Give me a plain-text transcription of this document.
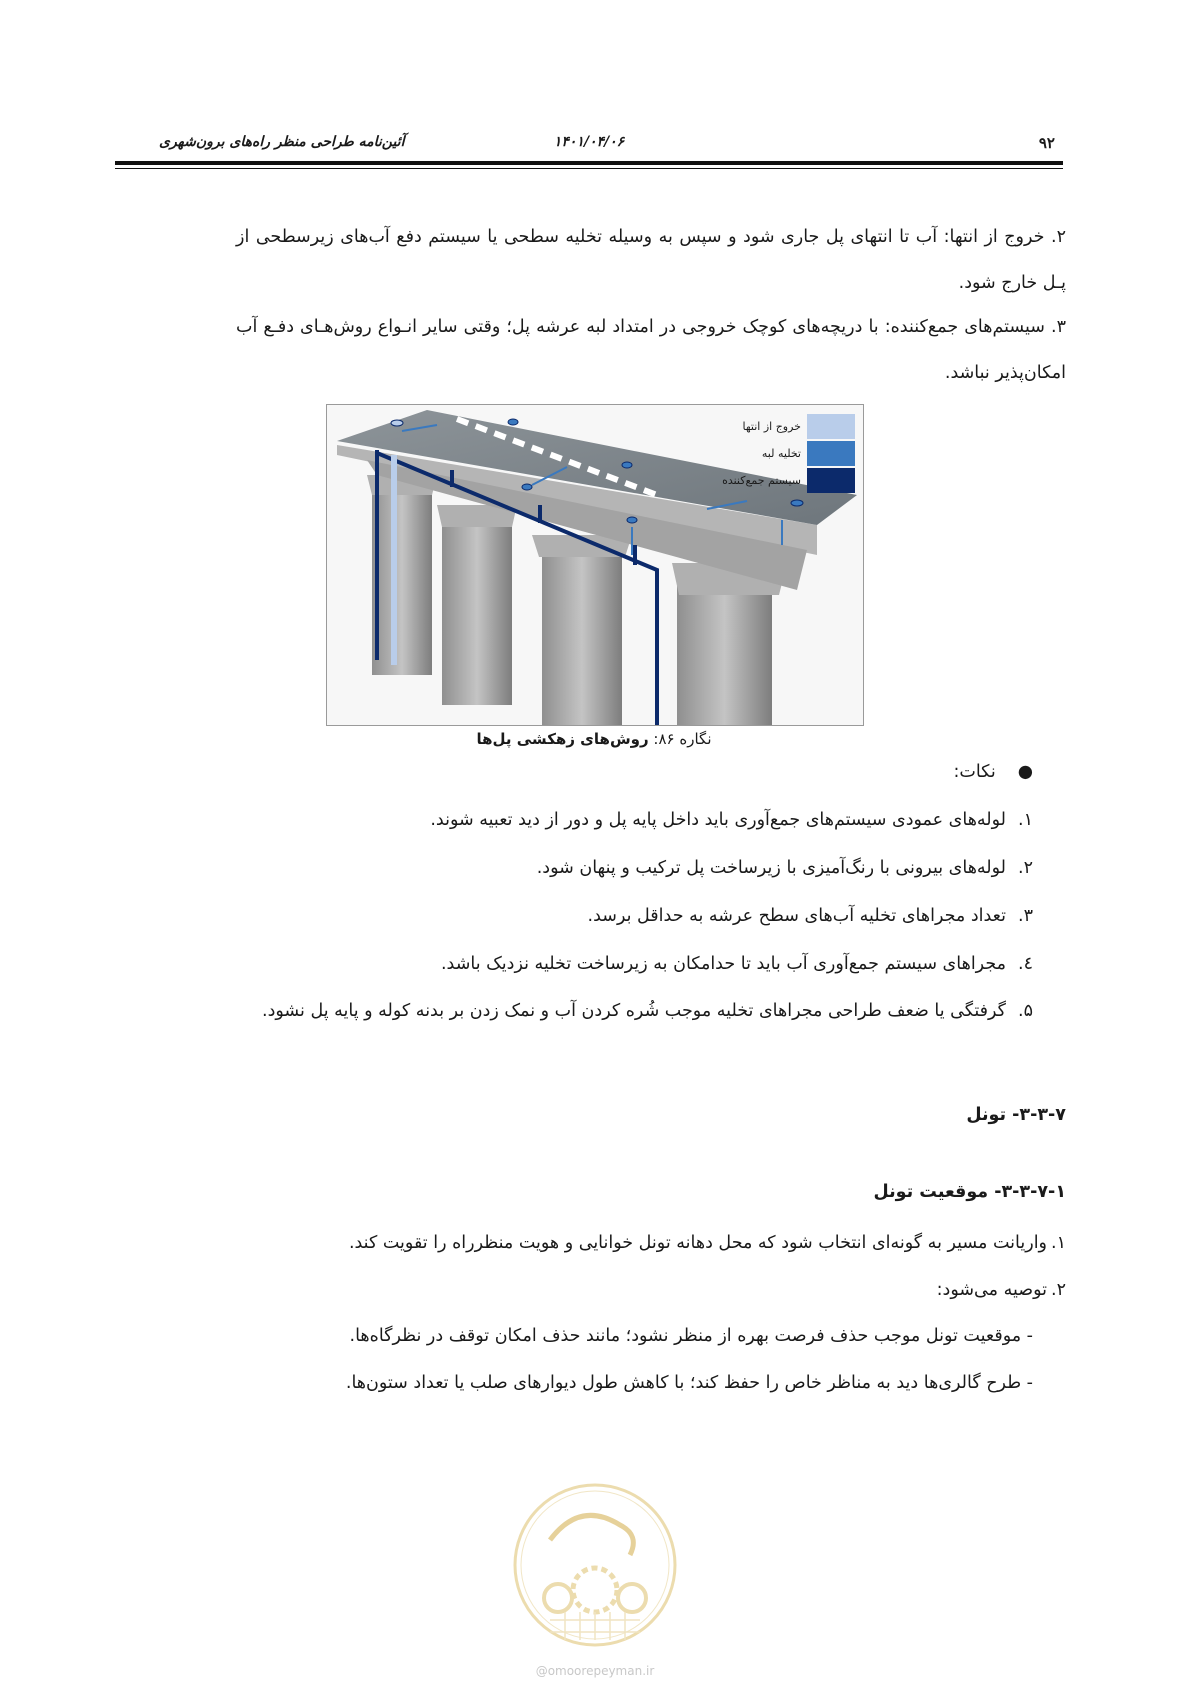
۹۲
۱۴۰۱/۰۴/۰۶
آئین‌نامه طراحی منظر راه‌های برون‌شهری
۲. خروج از انتها: آب تا انتهای پل جاری شود و سپس به وسیله تخلیه سطحی یا سیستم دفع آب‌های زیرسطحی از پـل خارج شود.
۳. سیستم‌های جمع‌کننده: با دریچه‌های کوچک خروجی در امتداد لبه عرشه پل؛ وقتی سایر انـواع روش‌هـای دفـع آب امکان‌پذیر نباشد.
خروج از انتها
تخلیه لبه
سیستم جمع‌کننده
نگاره ۸۶: روش‌های زهکشی پل‌ها
●نکات:
۱.لوله‌های عمودی سیستم‌های جمع‌آوری باید داخل پایه پل و دور از دید تعبیه شوند.
۲.لوله‌های بیرونی با رنگ‌آمیزی با زیرساخت پل ترکیب و پنهان شود.
۳.تعداد مجراهای تخلیه آب‌های سطح عرشه به حداقل برسد.
٤.مجراهای سیستم جمع‌آوری آب باید تا حدامکان به زیرساخت تخلیه نزدیک باشد.
۵.گرفتگی یا ضعف طراحی مجراهای تخلیه موجب شُره کردن آب و نمک زدن بر بدنه کوله و پایه پل نشود.
۳-۳-۷- تونل
۳-۳-۷-۱- موقعیت تونل
۱.واریانت مسیر به گونه‌ای انتخاب شود که محل دهانه تونل خوانایی و هویت منظرراه را تقویت کند.
۲.توصیه می‌شود:
- موقعیت تونل موجب حذف فرصت بهره از منظر نشود؛ مانند حذف امکان توقف در نظرگاه‌ها.
- طرح گالری‌ها دید به مناظر خاص را حفظ کند؛ با کاهش طول دیوارهای صلب یا تعداد ستون‌ها.
@omoorepeyman.ir
